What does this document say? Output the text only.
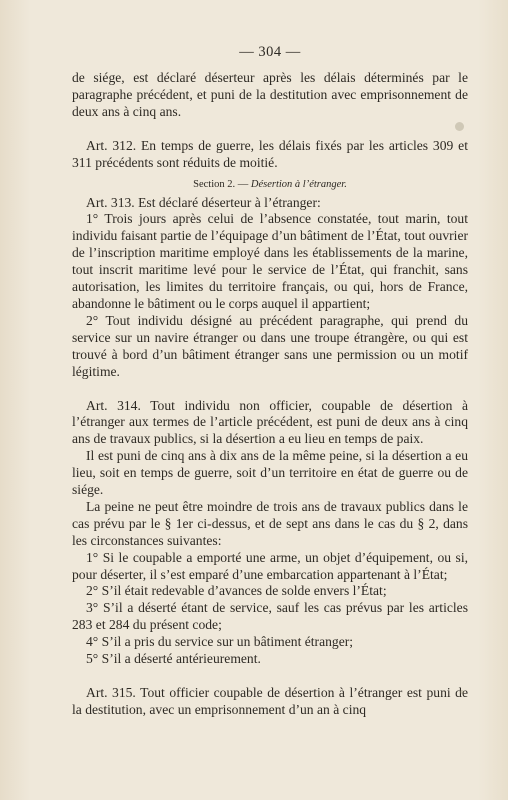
— 304 —

de siége, est déclaré déserteur après les délais déterminés par le paragraphe précédent, et puni de la destitution avec emprisonnement de deux ans à cinq ans.

Art. 312. En temps de guerre, les délais fixés par les articles 309 et 311 précédents sont réduits de moitié.

Section 2. — Désertion à l’étranger.

Art. 313. Est déclaré déserteur à l’étranger:

1° Trois jours après celui de l’absence constatée, tout marin, tout individu faisant partie de l’équipage d’un bâtiment de l’État, tout ouvrier de l’inscription maritime employé dans les établissements de la marine, tout inscrit maritime levé pour le service de l’État, qui franchit, sans autorisation, les limites du territoire français, ou qui, hors de France, abandonne le bâtiment ou le corps auquel il appartient;

2° Tout individu désigné au précédent paragraphe, qui prend du service sur un navire étranger ou dans une troupe étrangère, ou qui est trouvé à bord d’un bâtiment étranger sans une permission ou un motif légitime.

Art. 314. Tout individu non officier, coupable de désertion à l’étranger aux termes de l’article précédent, est puni de deux ans à cinq ans de travaux publics, si la désertion a eu lieu en temps de paix.

Il est puni de cinq ans à dix ans de la même peine, si la désertion a eu lieu, soit en temps de guerre, soit d’un territoire en état de guerre ou de siége.

La peine ne peut être moindre de trois ans de travaux publics dans le cas prévu par le § 1er ci-dessus, et de sept ans dans le cas du § 2, dans les circonstances suivantes:

1° Si le coupable a emporté une arme, un objet d’équipement, ou si, pour déserter, il s’est emparé d’une embarcation appartenant à l’État;

2° S’il était redevable d’avances de solde envers l’État;

3° S’il a déserté étant de service, sauf les cas prévus par les articles 283 et 284 du présent code;

4° S’il a pris du service sur un bâtiment étranger;

5° S’il a déserté antérieurement.

Art. 315. Tout officier coupable de désertion à l’étranger est puni de la destitution, avec un emprisonnement d’un an à cinq
